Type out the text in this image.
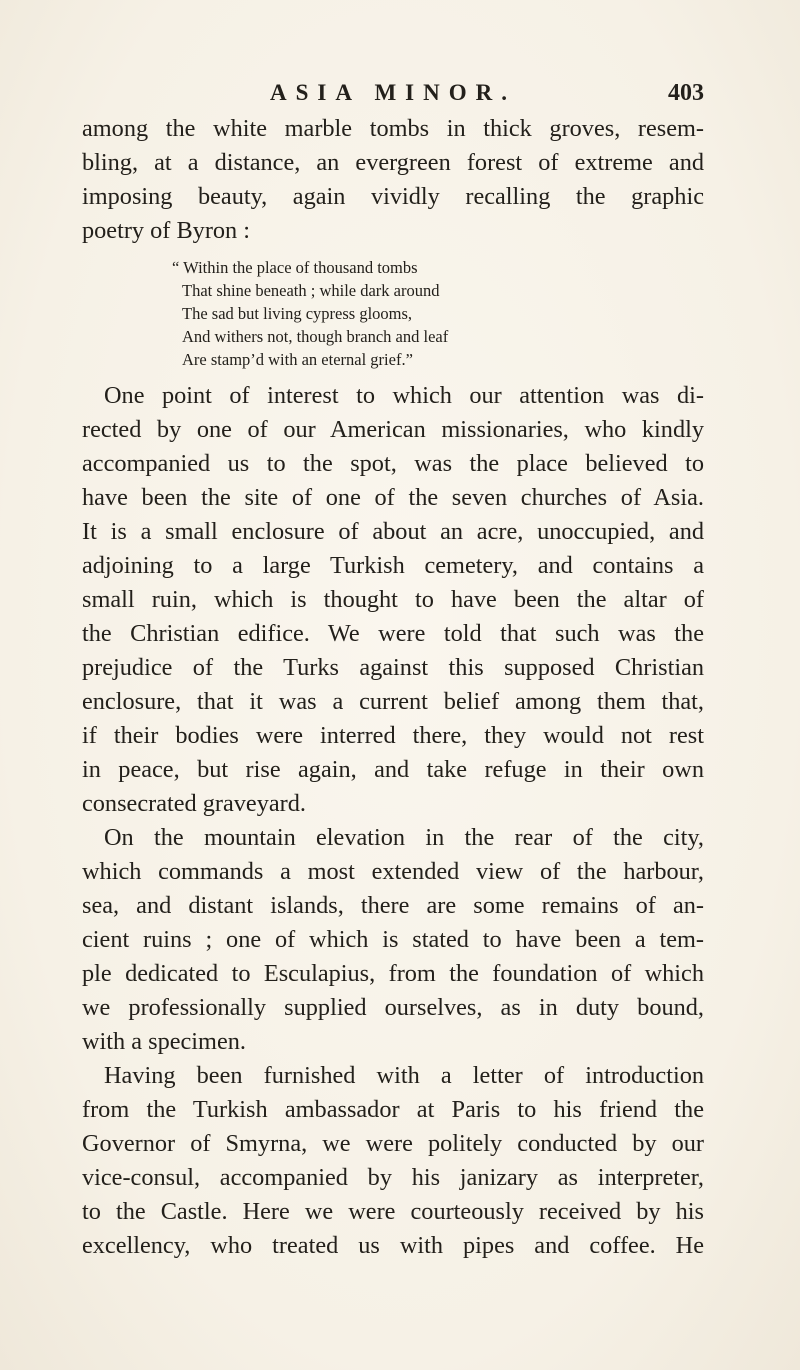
ASIA MINOR.	403
among the white marble tombs in thick groves, resem-
bling, at a distance, an evergreen forest of extreme and
imposing beauty, again vividly recalling the graphic
poetry of Byron :
“ Within the place of thousand tombs
That shine beneath ; while dark around
The sad but living cypress glooms,
And withers not, though branch and leaf
Are stamp’d with an eternal grief.”
One point of interest to which our attention was di-
rected by one of our American missionaries, who kindly
accompanied us to the spot, was the place believed to
have been the site of one of the seven churches of Asia.
It is a small enclosure of about an acre, unoccupied, and
adjoining to a large Turkish cemetery, and contains a
small ruin, which is thought to have been the altar of
the Christian edifice. We were told that such was the
prejudice of the Turks against this supposed Christian
enclosure, that it was a current belief among them that,
if their bodies were interred there, they would not rest
in peace, but rise again, and take refuge in their own
consecrated graveyard.
On the mountain elevation in the rear of the city,
which commands a most extended view of the harbour,
sea, and distant islands, there are some remains of an-
cient ruins ; one of which is stated to have been a tem-
ple dedicated to Esculapius, from the foundation of which
we professionally supplied ourselves, as in duty bound,
with a specimen.
Having been furnished with a letter of introduction
from the Turkish ambassador at Paris to his friend the
Governor of Smyrna, we were politely conducted by our
vice-consul, accompanied by his janizary as interpreter,
to the Castle. Here we were courteously received by his
excellency, who treated us with pipes and coffee. He
